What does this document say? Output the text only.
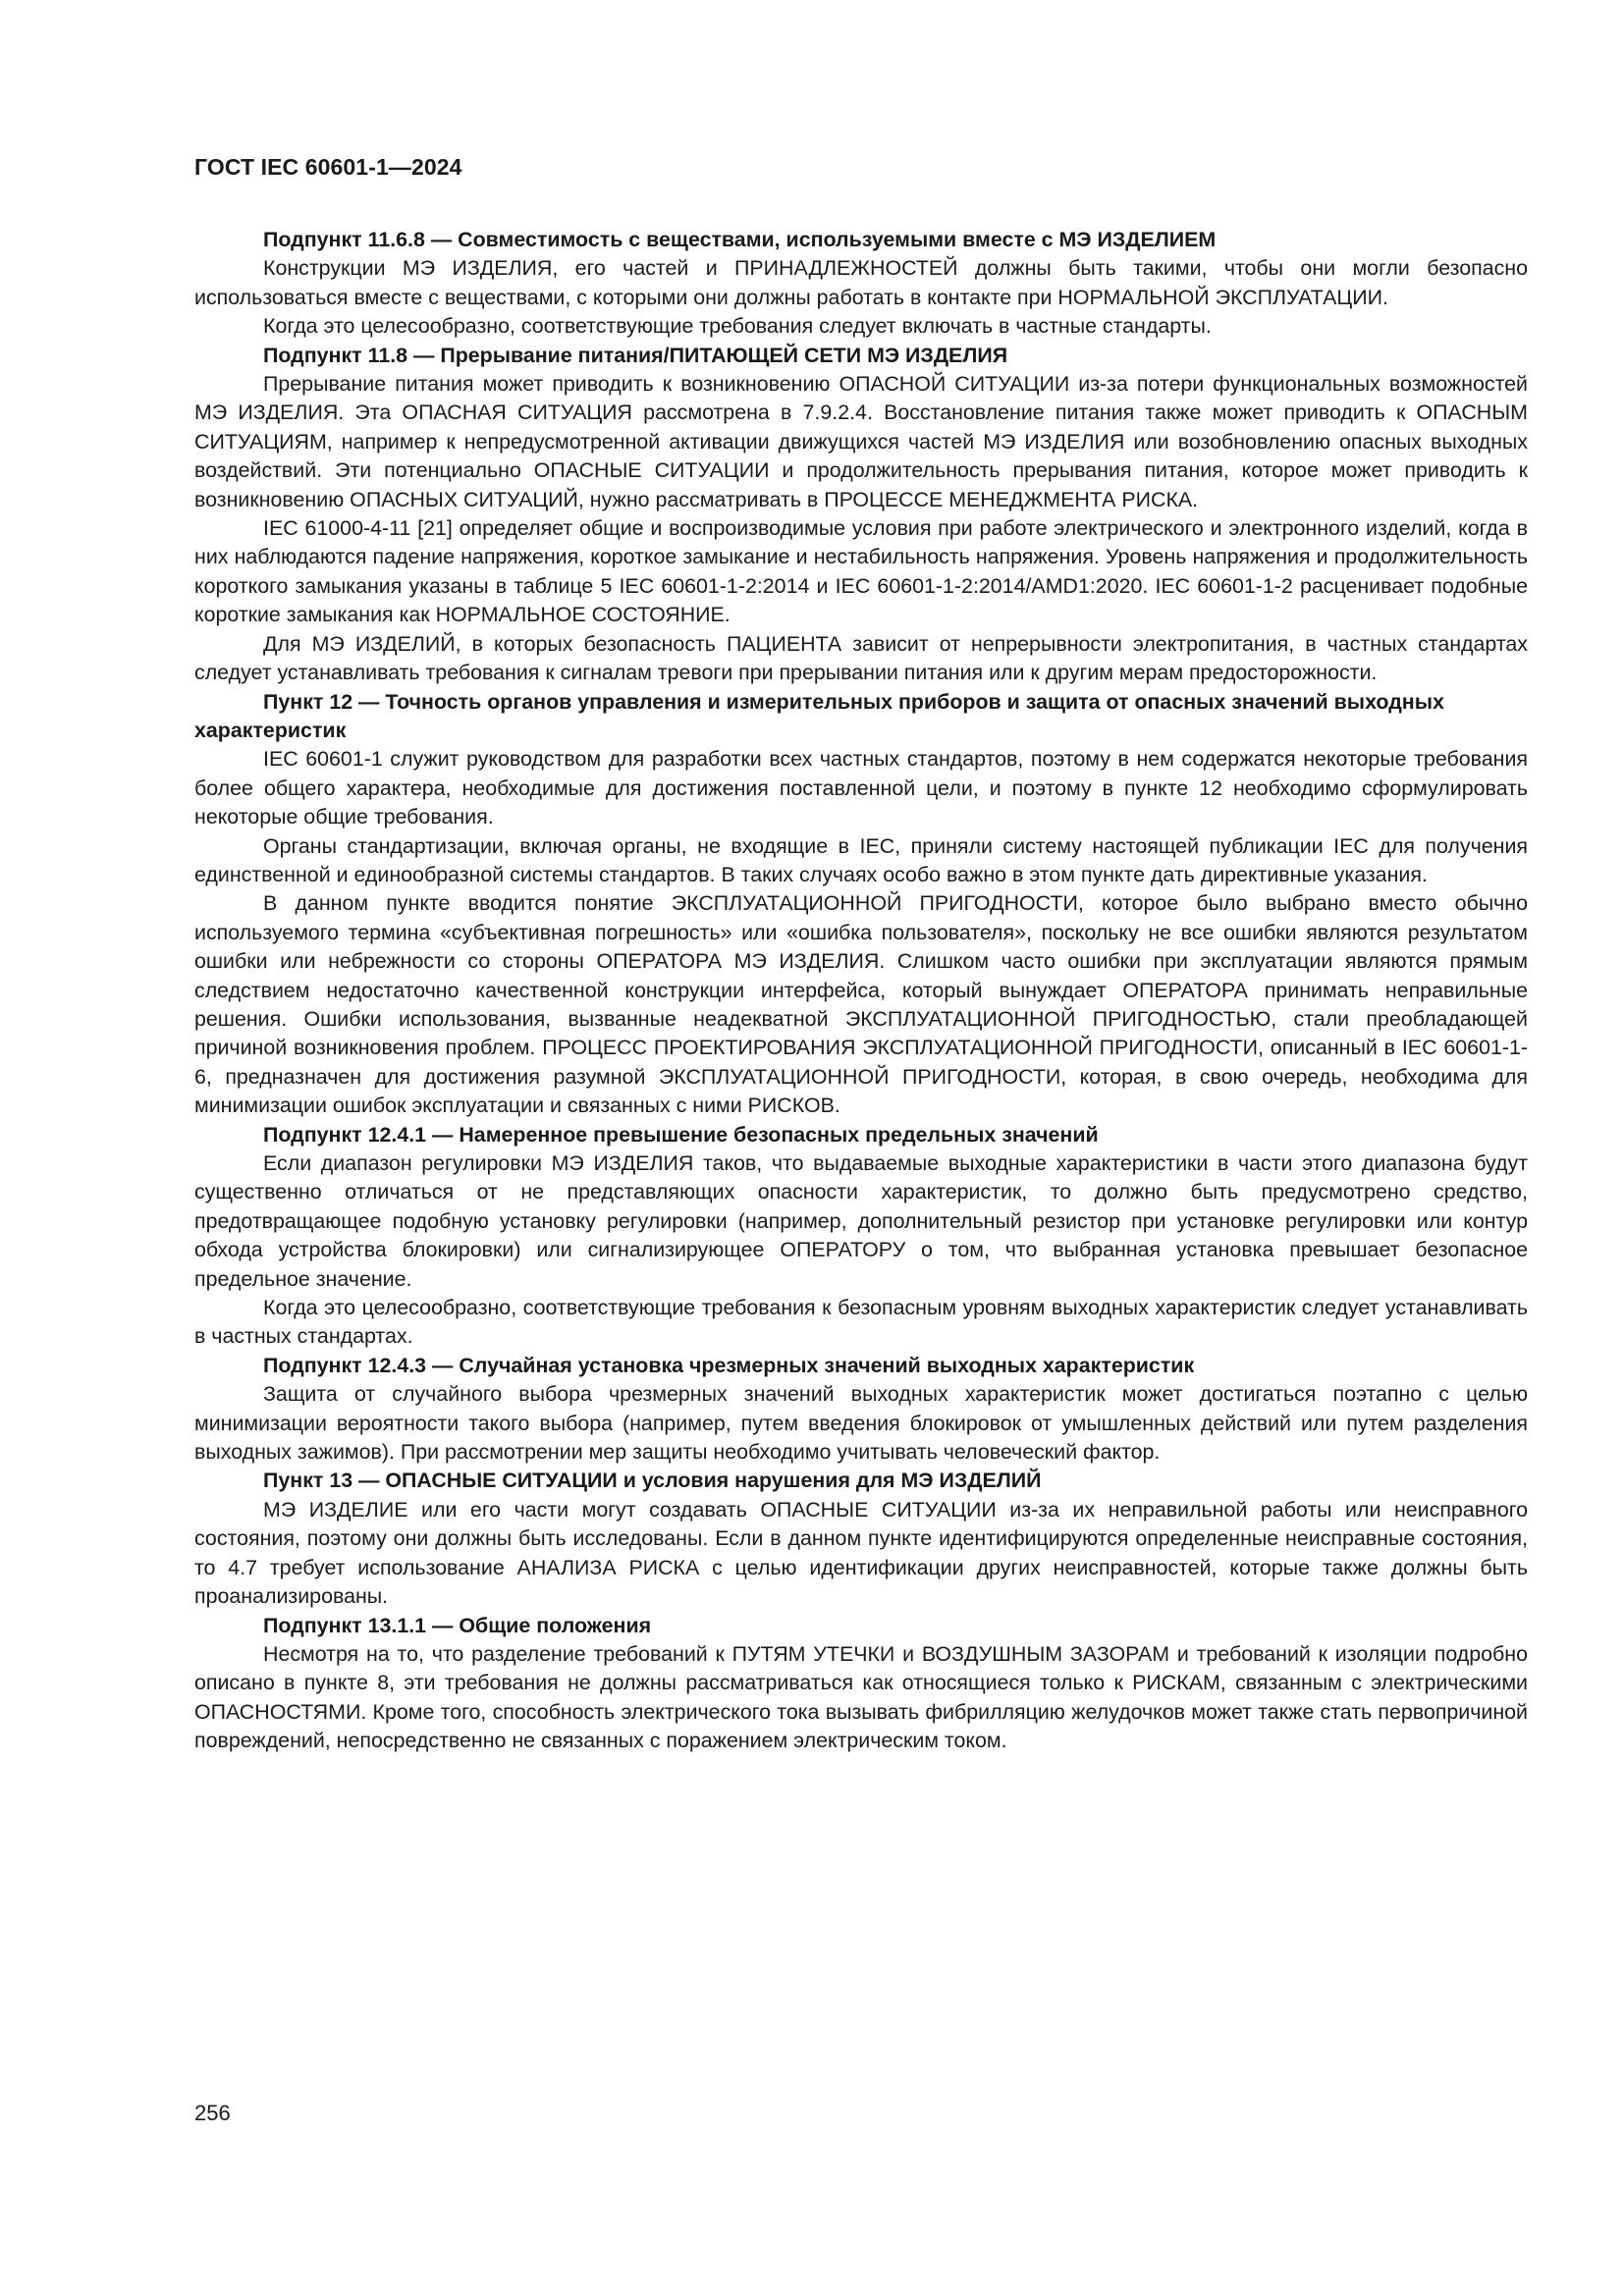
ГОСТ IEC 60601-1—2024

Подпункт 11.6.8 — Совместимость с веществами, используемыми вместе с МЭ ИЗДЕЛИЕМ

Конструкции МЭ ИЗДЕЛИЯ, его частей и ПРИНАДЛЕЖНОСТЕЙ должны быть такими, чтобы они могли безопасно использоваться вместе с веществами, с которыми они должны работать в контакте при НОРМАЛЬНОЙ ЭКСПЛУАТАЦИИ.

Когда это целесообразно, соответствующие требования следует включать в частные стандарты.

Подпункт 11.8 — Прерывание питания/ПИТАЮЩЕЙ СЕТИ МЭ ИЗДЕЛИЯ

Прерывание питания может приводить к возникновению ОПАСНОЙ СИТУАЦИИ из-за потери функциональных возможностей МЭ ИЗДЕЛИЯ. Эта ОПАСНАЯ СИТУАЦИЯ рассмотрена в 7.9.2.4. Восстановление питания также может приводить к ОПАСНЫМ СИТУАЦИЯМ, например к непредусмотренной активации движущихся частей МЭ ИЗДЕЛИЯ или возобновлению опасных выходных воздействий. Эти потенциально ОПАСНЫЕ СИТУАЦИИ и продолжительность прерывания питания, которое может приводить к возникновению ОПАСНЫХ СИТУАЦИЙ, нужно рассматривать в ПРОЦЕССЕ МЕНЕДЖМЕНТА РИСКА.

IEC 61000-4-11 [21] определяет общие и воспроизводимые условия при работе электрического и электронного изделий, когда в них наблюдаются падение напряжения, короткое замыкание и нестабильность напряжения. Уровень напряжения и продолжительность короткого замыкания указаны в таблице 5 IEC 60601-1-2:2014 и IEC 60601-1-2:2014/AMD1:2020. IEC 60601-1-2 расценивает подобные короткие замыкания как НОРМАЛЬНОЕ СОСТОЯНИЕ.

Для МЭ ИЗДЕЛИЙ, в которых безопасность ПАЦИЕНТА зависит от непрерывности электропитания, в частных стандартах следует устанавливать требования к сигналам тревоги при прерывании питания или к другим мерам предосторожности.

Пункт 12 — Точность органов управления и измерительных приборов и защита от опасных значений выходных характеристик

IEC 60601-1 служит руководством для разработки всех частных стандартов, поэтому в нем содержатся некоторые требования более общего характера, необходимые для достижения поставленной цели, и поэтому в пункте 12 необходимо сформулировать некоторые общие требования.

Органы стандартизации, включая органы, не входящие в IEC, приняли систему настоящей публикации IEC для получения единственной и единообразной системы стандартов. В таких случаях особо важно в этом пункте дать директивные указания.

В данном пункте вводится понятие ЭКСПЛУАТАЦИОННОЙ ПРИГОДНОСТИ, которое было выбрано вместо обычно используемого термина «субъективная погрешность» или «ошибка пользователя», поскольку не все ошибки являются результатом ошибки или небрежности со стороны ОПЕРАТОРА МЭ ИЗДЕЛИЯ. Слишком часто ошибки при эксплуатации являются прямым следствием недостаточно качественной конструкции интерфейса, который вынуждает ОПЕРАТОРА принимать неправильные решения. Ошибки использования, вызванные неадекватной ЭКСПЛУАТАЦИОННОЙ ПРИГОДНОСТЬЮ, стали преобладающей причиной возникновения проблем. ПРОЦЕСС ПРОЕКТИРОВАНИЯ ЭКСПЛУАТАЦИОННОЙ ПРИГОДНОСТИ, описанный в IEC 60601-1-6, предназначен для достижения разумной ЭКСПЛУАТАЦИОННОЙ ПРИГОДНОСТИ, которая, в свою очередь, необходима для минимизации ошибок эксплуатации и связанных с ними РИСКОВ.

Подпункт 12.4.1 — Намеренное превышение безопасных предельных значений

Если диапазон регулировки МЭ ИЗДЕЛИЯ таков, что выдаваемые выходные характеристики в части этого диапазона будут существенно отличаться от не представляющих опасности характеристик, то должно быть предусмотрено средство, предотвращающее подобную установку регулировки (например, дополнительный резистор при установке регулировки или контур обхода устройства блокировки) или сигнализирующее ОПЕРАТОРУ о том, что выбранная установка превышает безопасное предельное значение.

Когда это целесообразно, соответствующие требования к безопасным уровням выходных характеристик следует устанавливать в частных стандартах.

Подпункт 12.4.3 — Случайная установка чрезмерных значений выходных характеристик

Защита от случайного выбора чрезмерных значений выходных характеристик может достигаться поэтапно с целью минимизации вероятности такого выбора (например, путем введения блокировок от умышленных действий или путем разделения выходных зажимов). При рассмотрении мер защиты необходимо учитывать человеческий фактор.

Пункт 13 — ОПАСНЫЕ СИТУАЦИИ и условия нарушения для МЭ ИЗДЕЛИЙ

МЭ ИЗДЕЛИЕ или его части могут создавать ОПАСНЫЕ СИТУАЦИИ из-за их неправильной работы или неисправного состояния, поэтому они должны быть исследованы. Если в данном пункте идентифицируются определенные неисправные состояния, то 4.7 требует использование АНАЛИЗА РИСКА с целью идентификации других неисправностей, которые также должны быть проанализированы.

Подпункт 13.1.1 — Общие положения

Несмотря на то, что разделение требований к ПУТЯМ УТЕЧКИ и ВОЗДУШНЫМ ЗАЗОРАМ и требований к изоляции подробно описано в пункте 8, эти требования не должны рассматриваться как относящиеся только к РИСКАМ, связанным с электрическими ОПАСНОСТЯМИ. Кроме того, способность электрического тока вызывать фибрилляцию желудочков может также стать первопричиной повреждений, непосредственно не связанных с поражением электрическим током.

256
